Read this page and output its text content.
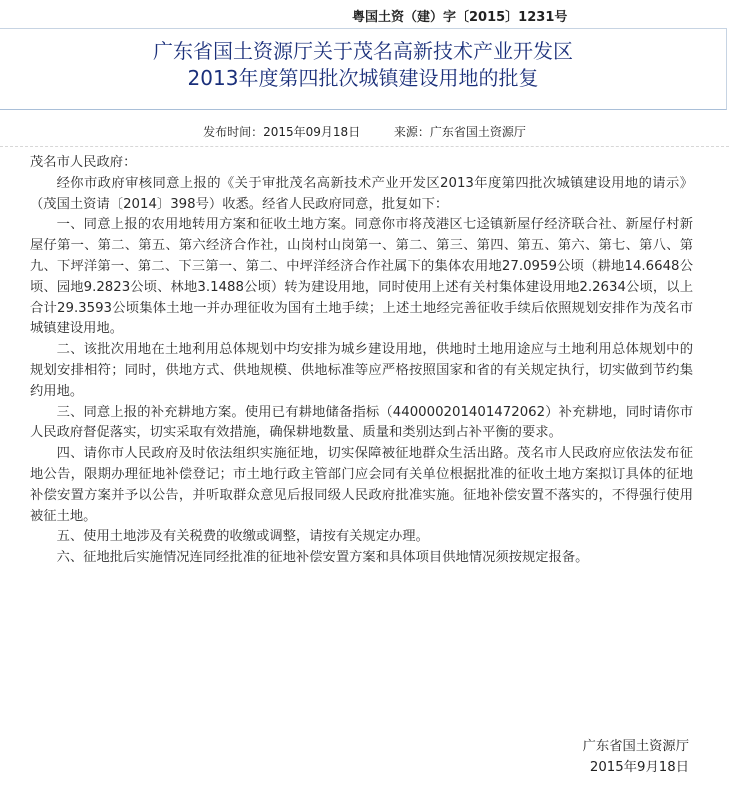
粤国土资（建）字〔2015〕1231号
广东省国土资源厅关于茂名高新技术产业开发区
2013年度第四批次城镇建设用地的批复
发布时间：2015年09月18日	来源：广东省国土资源厅

茂名市人民政府：

经你市政府审核同意上报的《关于审批茂名高新技术产业开发区2013年度第四批次城镇建设用地的请示》（茂国土资请〔2014〕398号）收悉。经省人民政府同意，批复如下：

一、同意上报的农用地转用方案和征收土地方案。同意你市将茂港区七迳镇新屋仔经济联合社、新屋仔村新屋仔第一、第二、第五、第六经济合作社，山岗村山岗第一、第二、第三、第四、第五、第六、第七、第八、第九、下坪洋第一、第二、下三第一、第二、中坪洋经济合作社属下的集体农用地27.0959公顷（耕地14.6648公顷、园地9.2823公顷、林地3.1488公顷）转为建设用地，同时使用上述有关村集体建设用地2.2634公顷，以上合计29.3593公顷集体土地一并办理征收为国有土地手续；上述土地经完善征收手续后依照规划安排作为茂名市城镇建设用地。

二、该批次用地在土地利用总体规划中均安排为城乡建设用地，供地时土地用途应与土地利用总体规划中的规划安排相符；同时，供地方式、供地规模、供地标准等应严格按照国家和省的有关规定执行，切实做到节约集约用地。

三、同意上报的补充耕地方案。使用已有耕地储备指标（440000201401472062）补充耕地，同时请你市人民政府督促落实，切实采取有效措施，确保耕地数量、质量和类别达到占补平衡的要求。

四、请你市人民政府及时依法组织实施征地，切实保障被征地群众生活出路。茂名市人民政府应依法发布征地公告，限期办理征地补偿登记；市土地行政主管部门应会同有关单位根据批准的征收土地方案拟订具体的征地补偿安置方案并予以公告，并听取群众意见后报同级人民政府批准实施。征地补偿安置不落实的，不得强行使用被征土地。

五、使用土地涉及有关税费的收缴或调整，请按有关规定办理。

六、征地批后实施情况连同经批准的征地补偿安置方案和具体项目供地情况须按规定报备。

广东省国土资源厅
2015年9月18日
